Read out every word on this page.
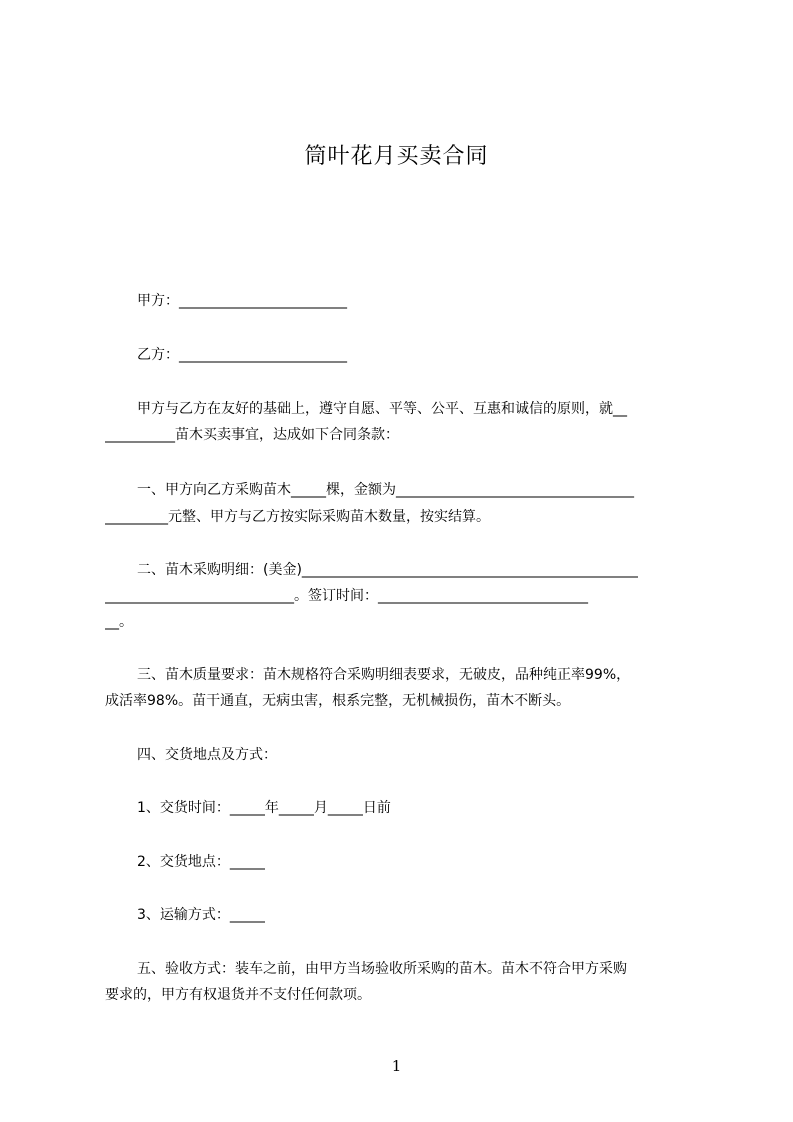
筒叶花月买卖合同
甲方：________________________
乙方：________________________
甲方与乙方在友好的基础上，遵守自愿、平等、公平、互惠和诚信的原则，就__
__________苗木买卖事宜，达成如下合同条款：
一、甲方向乙方采购苗木_____棵，金额为__________________________________
_________元整、甲方与乙方按实际采购苗木数量，按实结算。
二、苗木采购明细：(美金)________________________________________________
___________________________。签订时间：______________________________
__。
三、苗木质量要求：苗木规格符合采购明细表要求，无破皮，品种纯正率99%，
成活率98%。苗干通直，无病虫害，根系完整，无机械损伤，苗木不断头。
四、交货地点及方式：
1、交货时间：_____年_____月_____日前
2、交货地点：_____
3、运输方式：_____
五、验收方式：装车之前，由甲方当场验收所采购的苗木。苗木不符合甲方采购
要求的，甲方有权退货并不支付任何款项。
1
